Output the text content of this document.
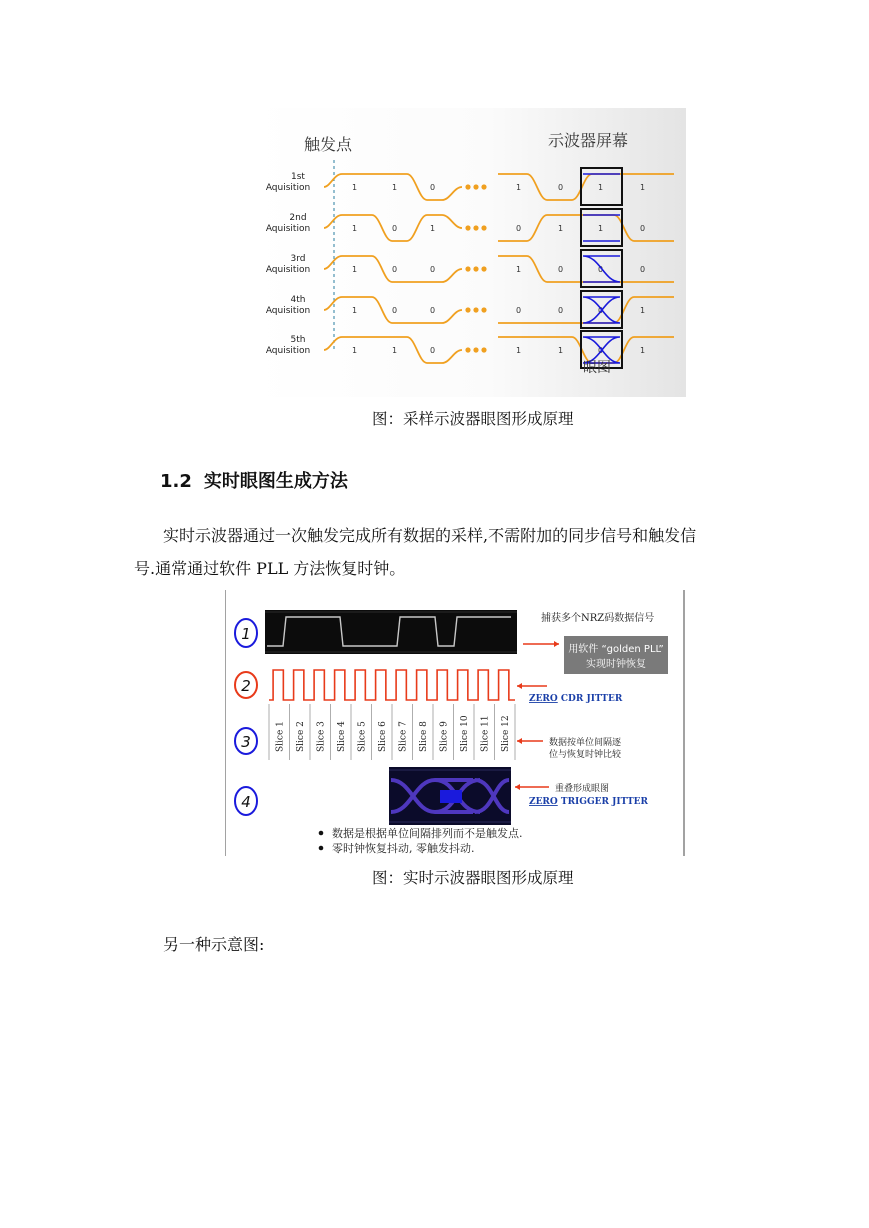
触发点	示波器屏幕
1st
Aquisition	1	1	0	1	0	1	1
2nd
Aquisition	1	0	1	0	1	1	0
3rd
Aquisition	1	0	0	1	0	0	0
4th
Aquisition	1	0	0	0	0	0	1
5th
Aquisition	1	1	0	1	1	0	1
眼图
图：采样示波器眼图形成原理
1.2 实时眼图生成方法
实时示波器通过一次触发完成所有数据的采样,不需附加的同步信号和触发信
号.通常通过软件 PLL 方法恢复时钟。
1
捕获多个NRZ码数据信号
用软件 “golden PLL”
实现时钟恢复
2
ZERO CDR JITTER
3	Slice 1 Slice 2 Slice 3 Slice 4 Slice 5 Slice 6 Slice 7 Slice 8 Slice 9 Slice 10 Slice 11 Slice 12	数据按单位间隔逐
位与恢复时钟比较
4
重叠形成眼图
ZERO TRIGGER JITTER
数据是根据单位间隔排列而不是触发点.
零时钟恢复抖动, 零触发抖动.
图：实时示波器眼图形成原理
另一种示意图:
